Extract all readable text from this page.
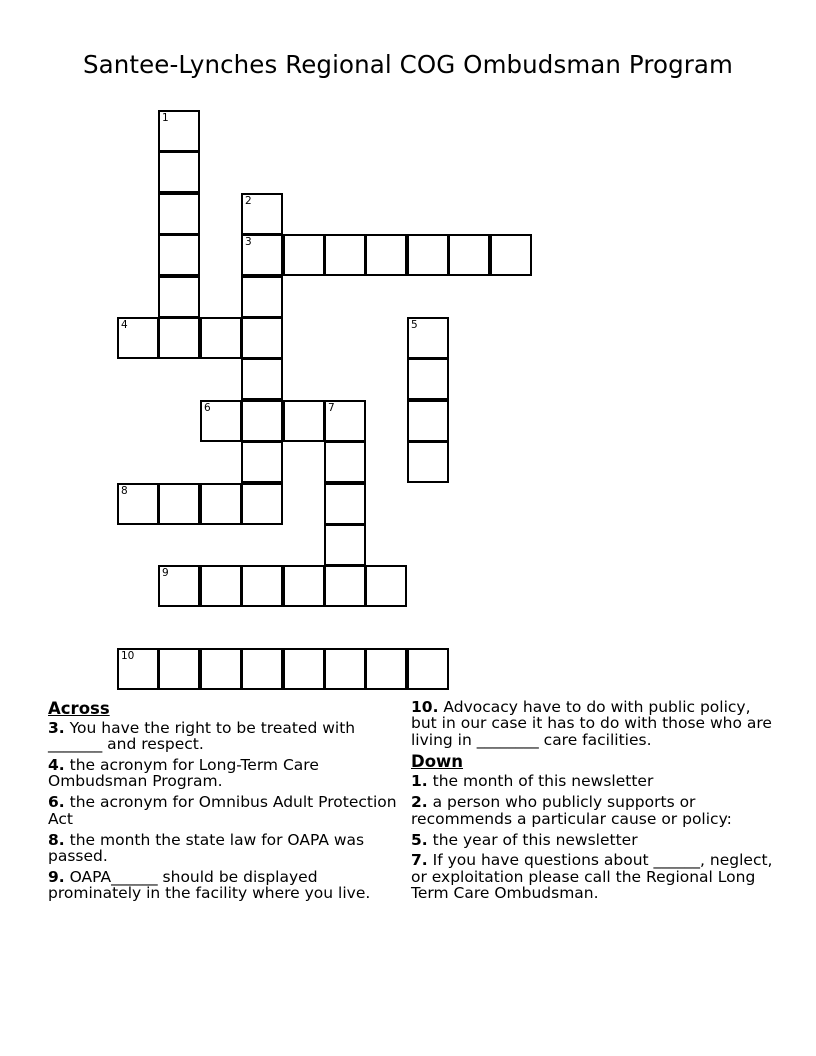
Santee-Lynches Regional COG Ombudsman Program
1
2
3
4	5
6	7
8
9
10
Across
3. You have the right to be treated with _______ and respect.
4. the acronym for Long-Term Care Ombudsman Program.
6. the acronym for Omnibus Adult Protection Act
8. the month the state law for OAPA was passed.
9. OAPA______ should be displayed prominately in the facility where you live.
10. Advocacy have to do with public policy, but in our case it has to do with those who are living in ________ care facilities.
Down
1. the month of this newsletter
2. a person who publicly supports or recommends a particular cause or policy:
5. the year of this newsletter
7. If you have questions about ______, neglect, or exploitation please call the Regional Long Term Care Ombudsman.
